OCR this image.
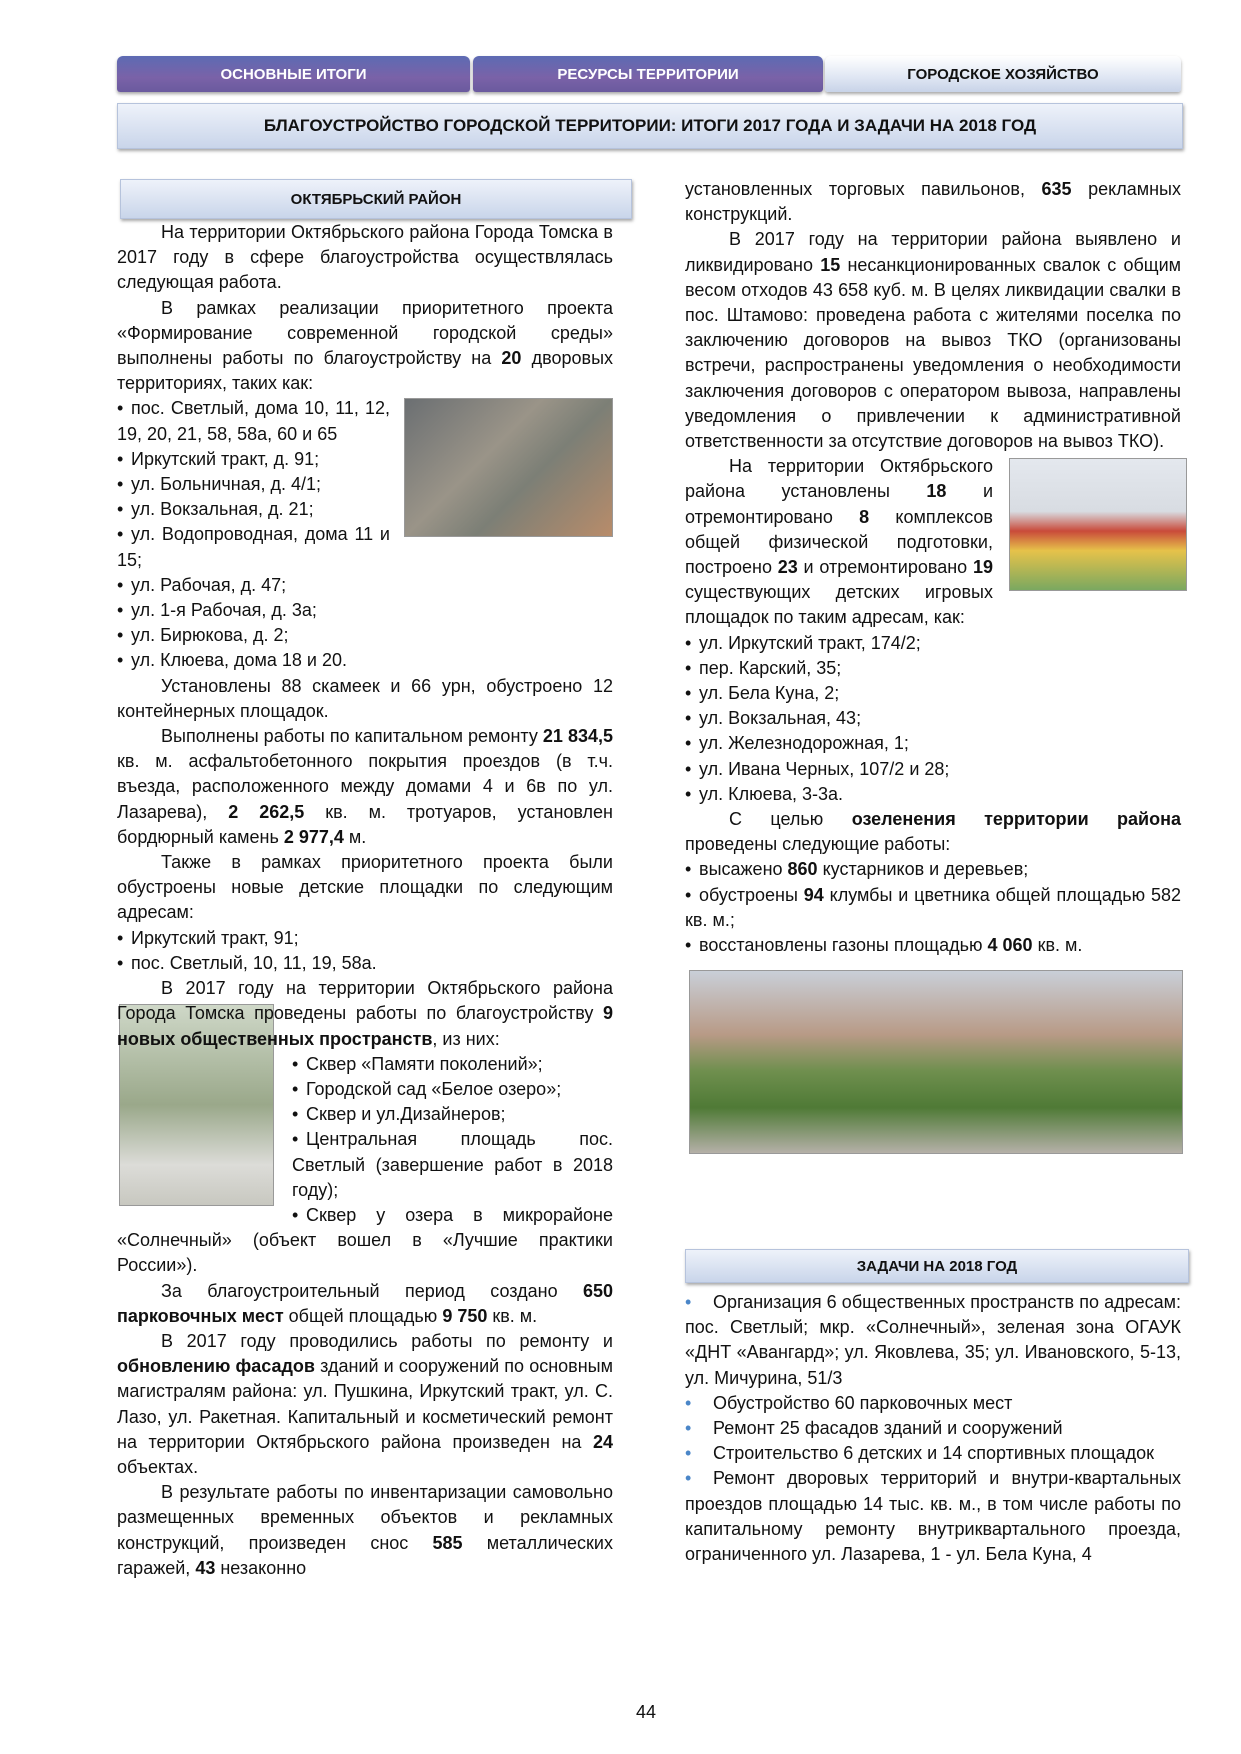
ОСНОВНЫЕ ИТОГИ	РЕСУРСЫ ТЕРРИТОРИИ	ГОРОДСКОЕ ХОЗЯЙСТВО
БЛАГОУСТРОЙСТВО ГОРОДСКОЙ ТЕРРИТОРИИ: ИТОГИ 2017 ГОДА И ЗАДАЧИ НА 2018 ГОД
ОКТЯБРЬСКИЙ РАЙОН

На территории Октябрьского района Города Томска в 2017 году в сфере благоустройства осуществлялась следующая работа.

В рамках реализации приоритетного проекта «Формирование современной городской среды» выполнены работы по благоустройству на 20 дворовых территориях, таких как:

• пос. Светлый, дома 10, 11, 12, 19, 20, 21, 58, 58а, 60 и 65
• Иркутский тракт, д. 91;
• ул. Больничная, д. 4/1;
• ул. Вокзальная, д. 21;
• ул. Водопроводная, дома 11 и 15;
• ул. Рабочая, д. 47;
• ул. 1-я Рабочая, д. 3а;
• ул. Бирюкова, д. 2;
• ул. Клюева, дома 18 и 20.

Установлены 88 скамеек и 66 урн, обустроено 12 контейнерных площадок.

Выполнены работы по капитальном ремонту 21 834,5 кв. м. асфальтобетонного покрытия проездов (в т.ч. въезда, расположенного между домами 4 и 6в по ул. Лазарева), 2 262,5 кв. м. тротуаров, установлен бордюрный камень 2 977,4 м.

Также в рамках приоритетного проекта были обустроены новые детские площадки по следующим адресам:

• Иркутский тракт, 91;
• пос. Светлый, 10, 11, 19, 58а.

В 2017 году на территории Октябрьского района Города Томска проведены работы по благоустройству 9 новых общественных пространств, из них:

• Сквер «Памяти поколений»;
• Городской сад «Белое озеро»;
• Сквер и ул.Дизайнеров;
• Центральная площадь пос. Светлый (завершение работ в 2018 году);
• Сквер у озера в микрорайоне «Солнечный» (объект вошел в «Лучшие практики России»).

За благоустроительный период создано 650 парковочных мест общей площадью 9 750 кв. м.

В 2017 году проводились работы по ремонту и обновлению фасадов зданий и сооружений по основным магистралям района: ул. Пушкина, Иркутский тракт, ул. С. Лазо, ул. Ракетная. Капитальный и косметический ремонт на территории Октябрьского района произведен на 24 объектах.

В результате работы по инвентаризации самовольно размещенных временных объектов и рекламных конструкций, произведен снос 585 металлических гаражей, 43 незаконно

установленных торговых павильонов, 635 рекламных конструкций.

В 2017 году на территории района выявлено и ликвидировано 15 несанкционированных свалок с общим весом отходов 43 658 куб. м. В целях ликвидации свалки в пос. Штамово: проведена работа с жителями поселка по заключению договоров на вывоз ТКО (организованы встречи, распространены уведомления о необходимости заключения договоров с оператором вывоза, направлены уведомления о привлечении к административной ответственности за отсутствие договоров на вывоз ТКО).

На территории Октябрьского района установлены 18 и отремонтировано 8 комплексов общей физической подготовки, построено 23 и отремонтировано 19 существующих детских игровых площадок по таким адресам, как:

• ул. Иркутский тракт, 174/2;
• пер. Карский, 35;
• ул. Бела Куна, 2;
• ул. Вокзальная, 43;
• ул. Железнодорожная, 1;
• ул. Ивана Черных, 107/2 и 28;
• ул. Клюева, 3-3а.

С целью озеленения территории района проведены следующие работы:

• высажено 860 кустарников и деревьев;
• обустроены 94 клумбы и цветника общей площадью 582 кв. м.;
• восстановлены газоны площадью 4 060 кв. м.
ЗАДАЧИ НА 2018 ГОД
• Организация 6 общественных пространств по адресам: пос. Светлый; мкр. «Солнечный», зеленая зона ОГАУК «ДНТ «Авангард»; ул. Яковлева, 35; ул. Ивановского, 5-13, ул. Мичурина, 51/3
• Обустройство 60 парковочных мест
• Ремонт 25 фасадов зданий и сооружений
• Строительство 6 детских и 14 спортивных площадок
• Ремонт дворовых территорий и внутри-квартальных проездов площадью 14 тыс. кв. м., в том числе работы по капитальному ремонту внутриквартального проезда, ограниченного ул. Лазарева, 1 - ул. Бела Куна, 4
44
